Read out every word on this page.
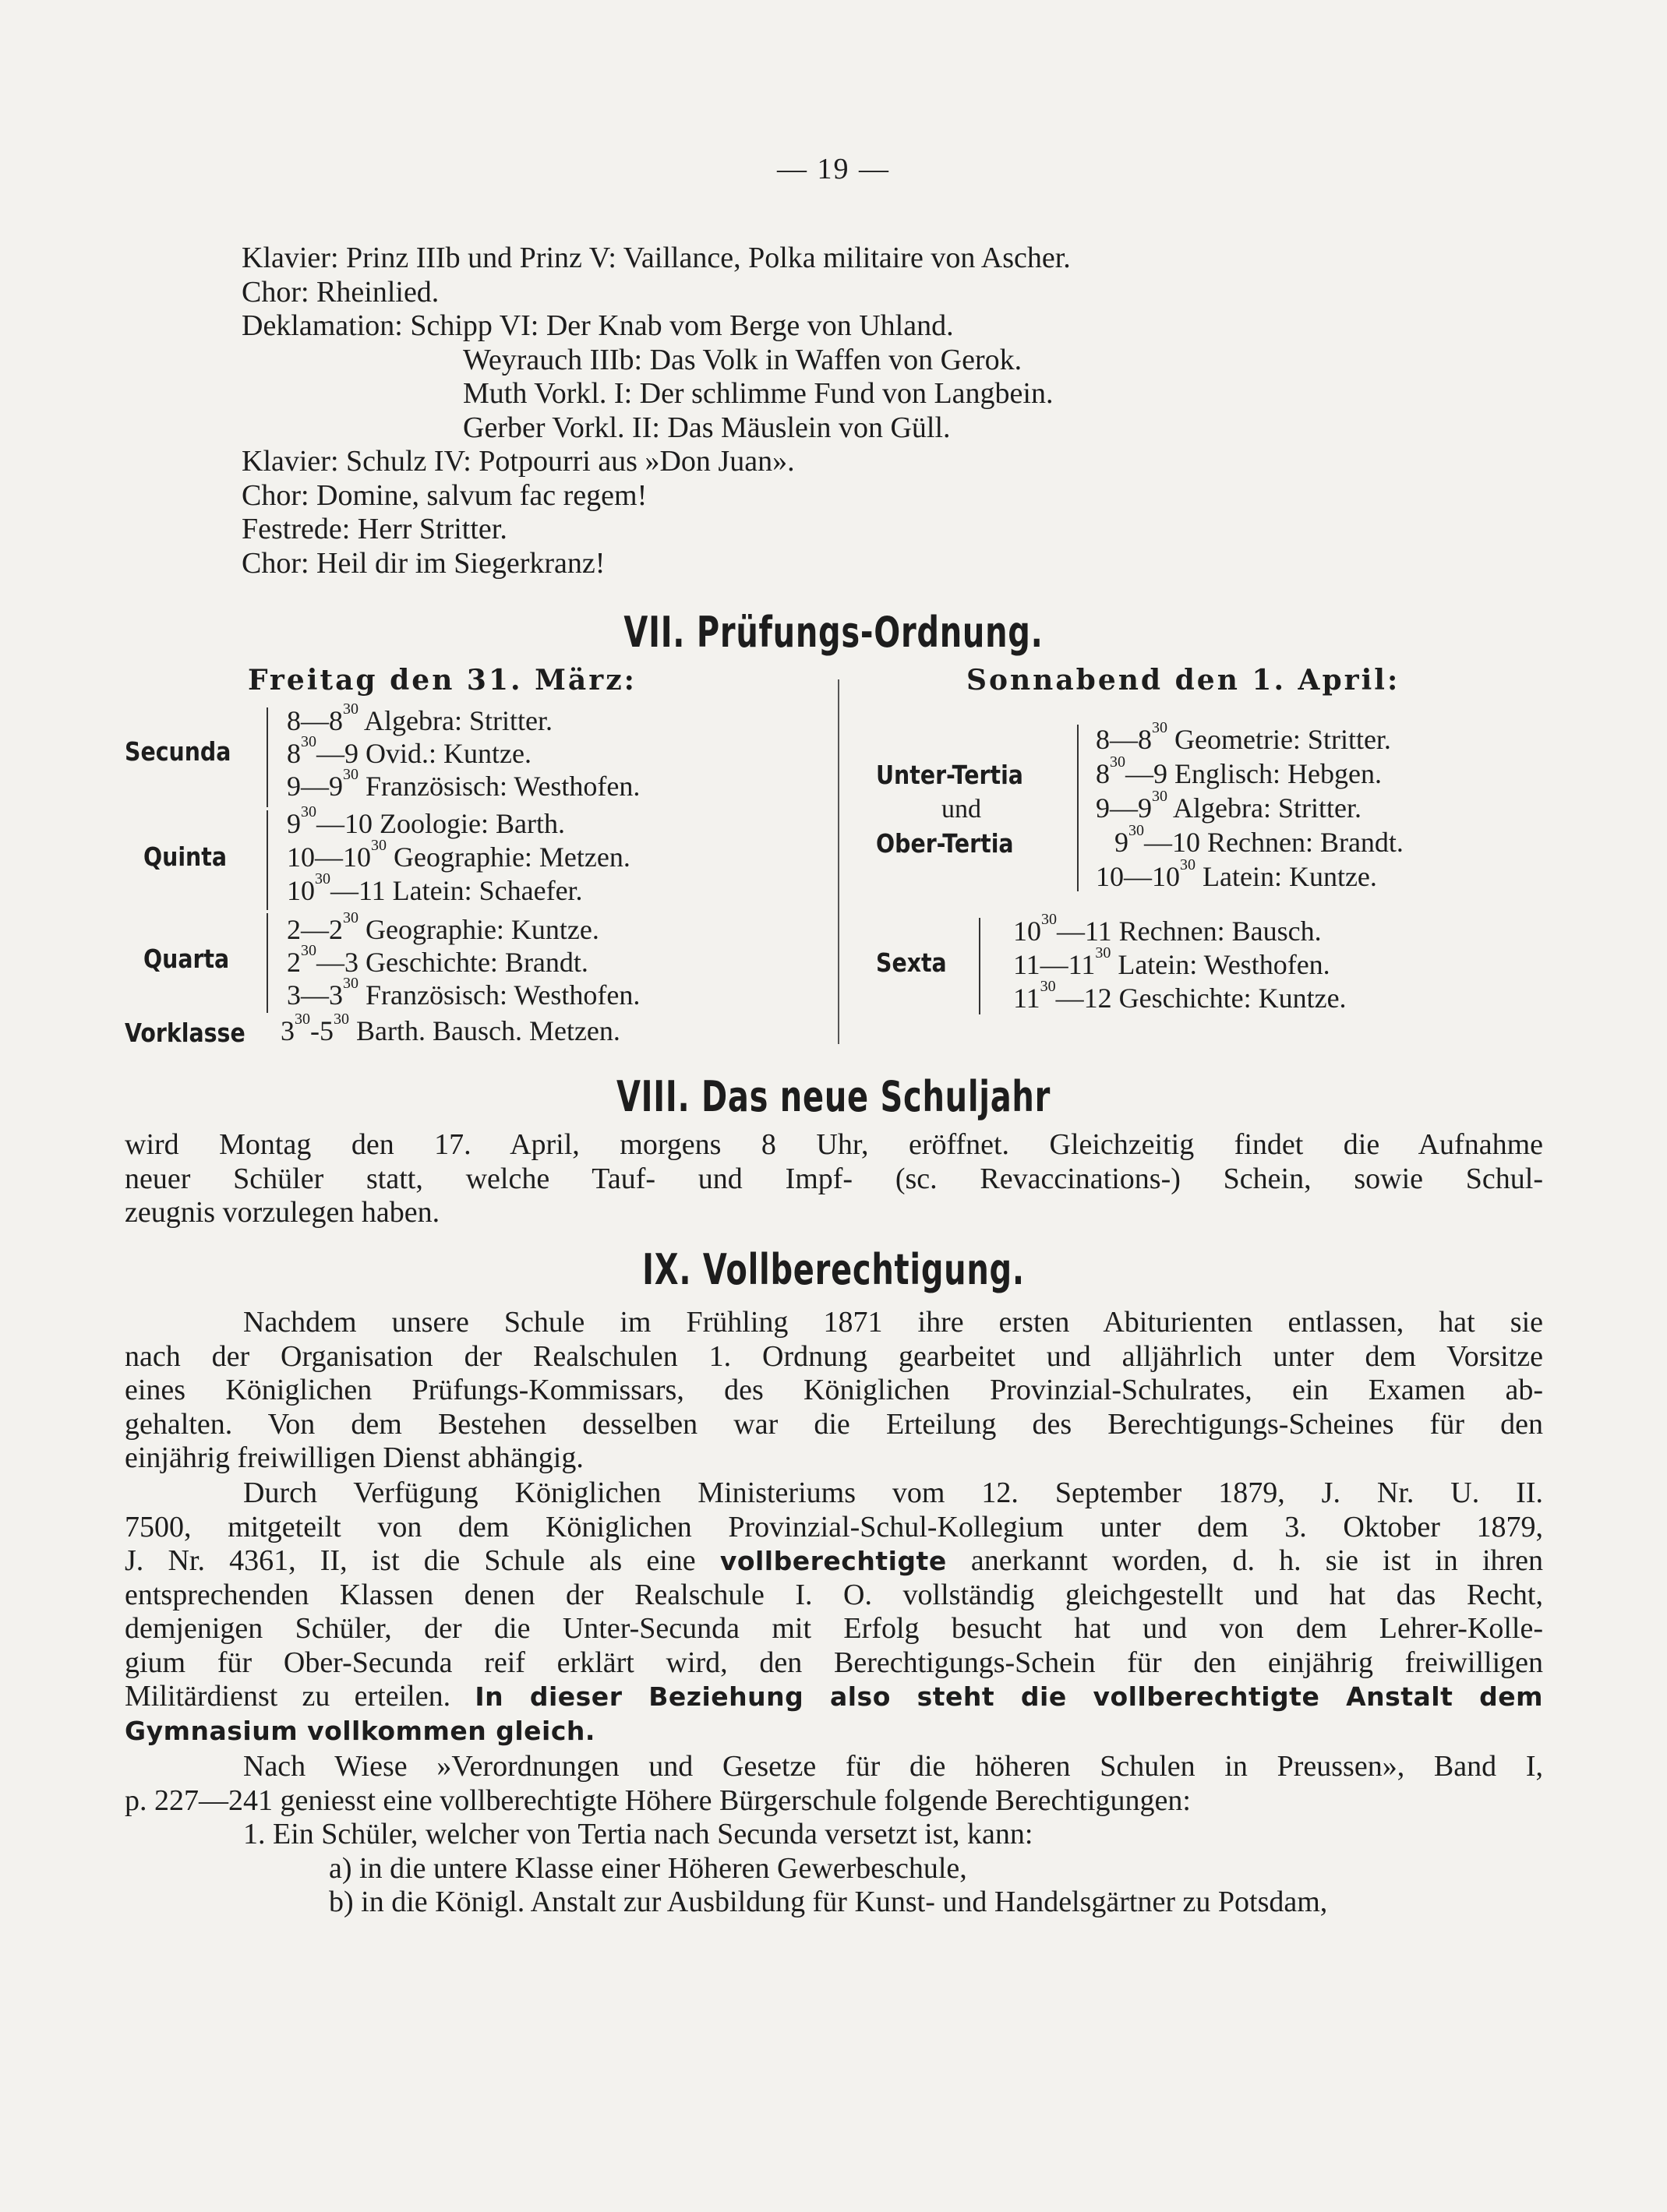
— 19 —
Klavier: Prinz IIIb und Prinz V: Vaillance, Polka militaire von Ascher.
Chor: Rheinlied.
Deklamation: Schipp VI: Der Knab vom Berge von Uhland.
Weyrauch IIIb: Das Volk in Waffen von Gerok.
Muth Vorkl. I: Der schlimme Fund von Langbein.
Gerber Vorkl. II: Das Mäuslein von Güll.
Klavier: Schulz IV: Potpourri aus »Don Juan».
Chor: Domine, salvum fac regem!
Festrede: Herr Stritter.
Chor: Heil dir im Siegerkranz!
VII. Prüfungs-Ordnung.
Freitag den 31. März:	Sonnabend den 1. April:
Secunda
$8—8^{30}$ Algebra: Stritter.
$8^{30}—9$ Ovid.: Kuntze.
$9—9^{30}$ Französisch: Westhofen.
Quinta
$9^{30}—10$ Zoologie: Barth.
$10—10^{30}$ Geographie: Metzen.
$10^{30}—11$ Latein: Schaefer.
Quarta
$2—2^{30}$ Geographie: Kuntze.
$2^{30}—3$ Geschichte: Brandt.
$3—3^{30}$ Französisch: Westhofen.
Vorklasse $3^{30}-5^{30}$ Barth. Bausch. Metzen.
Unter-Tertia
und
Ober-Tertia
$8—8^{30}$ Geometrie: Stritter.
$8^{30}—9$ Englisch: Hebgen.
$9—9^{30}$ Algebra: Stritter.
$9^{30}—10$ Rechnen: Brandt.
$10—10^{30}$ Latein: Kuntze.
Sexta
$10^{30}—11$ Rechnen: Bausch.
$11—11^{30}$ Latein: Westhofen.
$11^{30}—12$ Geschichte: Kuntze.
VIII. Das neue Schuljahr
wird Montag den 17. April, morgens 8 Uhr, eröffnet. Gleichzeitig findet die Aufnahme
neuer Schüler statt, welche Tauf- und Impf- (sc. Revaccinations-) Schein, sowie Schul-
zeugnis vorzulegen haben.
IX. Vollberechtigung.
Nachdem unsere Schule im Frühling 1871 ihre ersten Abiturienten entlassen, hat sie
nach der Organisation der Realschulen 1. Ordnung gearbeitet und alljährlich unter dem Vorsitze
eines Königlichen Prüfungs-Kommissars, des Königlichen Provinzial-Schulrates, ein Examen ab-
gehalten. Von dem Bestehen desselben war die Erteilung des Berechtigungs-Scheines für den
einjährig freiwilligen Dienst abhängig.
Durch Verfügung Königlichen Ministeriums vom 12. September 1879, J. Nr. U. II.
7500, mitgeteilt von dem Königlichen Provinzial-Schul-Kollegium unter dem 3. Oktober 1879,
J. Nr. 4361, II, ist die Schule als eine vollberechtigte anerkannt worden, d. h. sie ist in ihren
entsprechenden Klassen denen der Realschule I. O. vollständig gleichgestellt und hat das Recht,
demjenigen Schüler, der die Unter-Secunda mit Erfolg besucht hat und von dem Lehrer-Kolle-
gium für Ober-Secunda reif erklärt wird, den Berechtigungs-Schein für den einjährig freiwilligen
Militärdienst zu erteilen. In dieser Beziehung also steht die vollberechtigte Anstalt dem
Gymnasium vollkommen gleich.
Nach Wiese »Verordnungen und Gesetze für die höheren Schulen in Preussen», Band I,
p. 227—241 geniesst eine vollberechtigte Höhere Bürgerschule folgende Berechtigungen:
1. Ein Schüler, welcher von Tertia nach Secunda versetzt ist, kann:
a) in die untere Klasse einer Höheren Gewerbeschule,
b) in die Königl. Anstalt zur Ausbildung für Kunst- und Handelsgärtner zu Potsdam,
